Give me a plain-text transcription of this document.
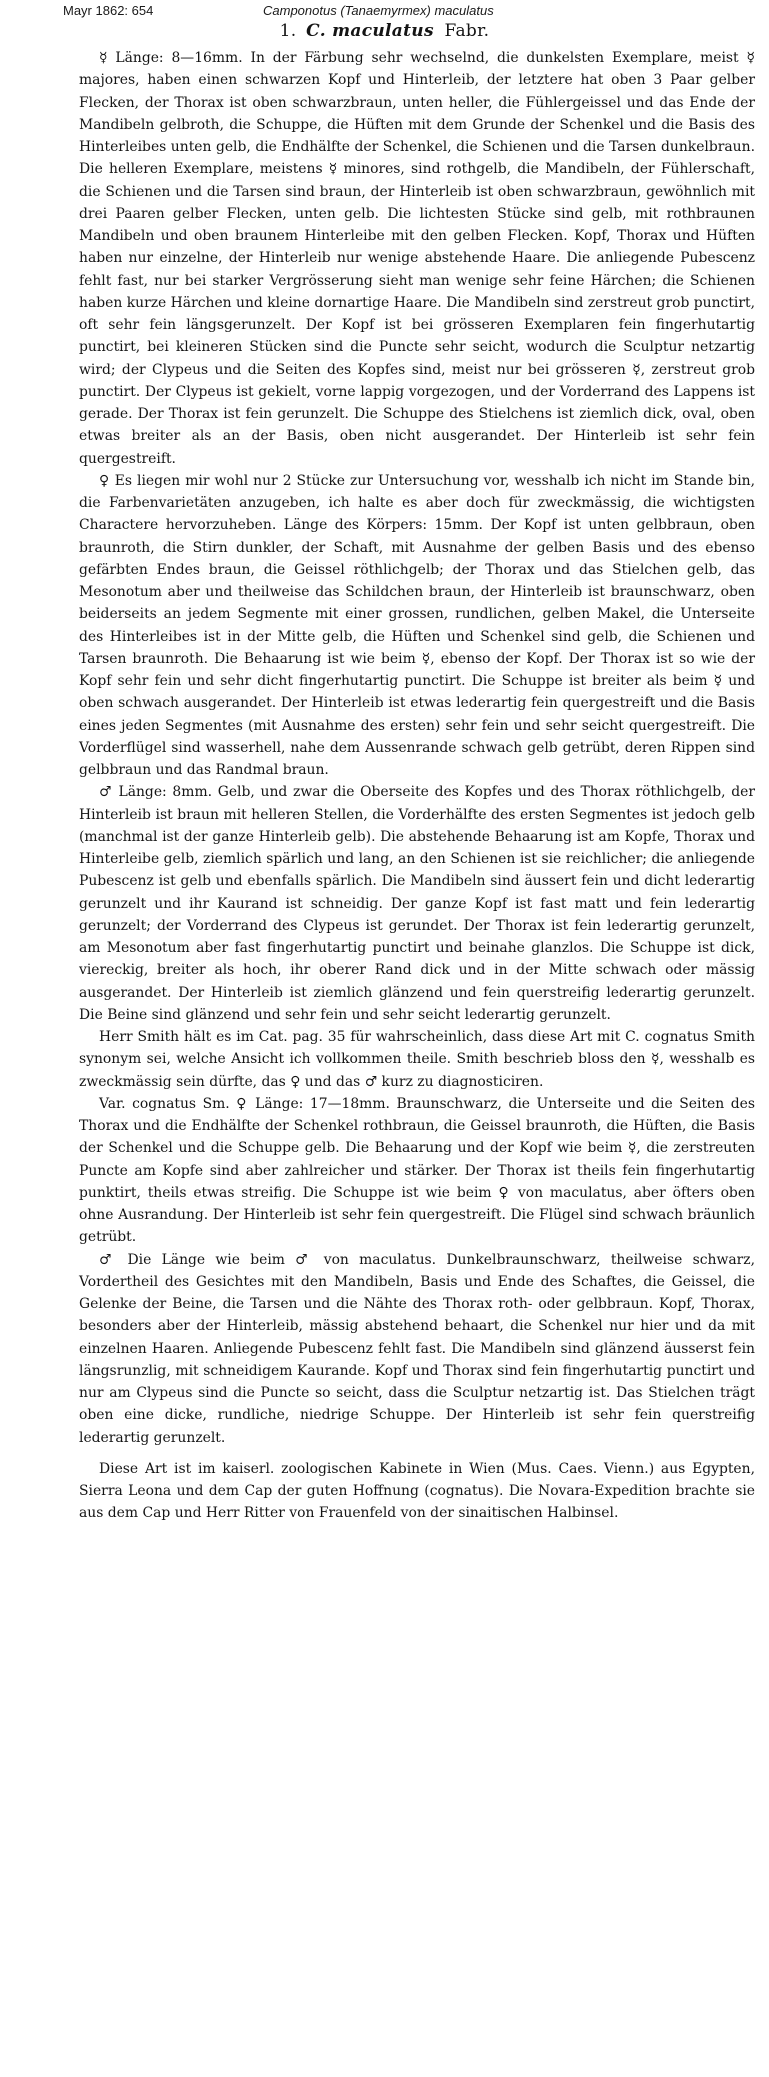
Mayr 1862: 654	Camponotus (Tanaemyrmex) maculatus
1. C. maculatus Fabr.

☿ Länge: 8—16mm. In der Färbung sehr wechselnd, die dunkelsten Exemplare, meist ☿ majores, haben einen schwarzen Kopf und Hinterleib, der letztere hat oben 3 Paar gelber Flecken, der Thorax ist oben schwarzbraun, unten heller, die Fühlergeissel und das Ende der Mandibeln gelbroth, die Schuppe, die Hüften mit dem Grunde der Schenkel und die Basis des Hinterleibes unten gelb, die Endhälfte der Schenkel, die Schienen und die Tarsen dunkelbraun. Die helleren Exemplare, meistens ☿ minores, sind rothgelb, die Mandibeln, der Fühlerschaft, die Schienen und die Tarsen sind braun, der Hinterleib ist oben schwarzbraun, gewöhnlich mit drei Paaren gelber Flecken, unten gelb. Die lichtesten Stücke sind gelb, mit rothbraunen Mandibeln und oben braunem Hinterleibe mit den gelben Flecken. Kopf, Thorax und Hüften haben nur einzelne, der Hinterleib nur wenige abstehende Haare. Die anliegende Pubescenz fehlt fast, nur bei starker Vergrösserung sieht man wenige sehr feine Härchen; die Schienen haben kurze Härchen und kleine dornartige Haare. Die Mandibeln sind zerstreut grob punctirt, oft sehr fein längsgerunzelt. Der Kopf ist bei grösseren Exemplaren fein fingerhutartig punctirt, bei kleineren Stücken sind die Puncte sehr seicht, wodurch die Sculptur netzartig wird; der Clypeus und die Seiten des Kopfes sind, meist nur bei grösseren ☿, zerstreut grob punctirt. Der Clypeus ist gekielt, vorne lappig vorgezogen, und der Vorderrand des Lappens ist gerade. Der Thorax ist fein gerunzelt. Die Schuppe des Stielchens ist ziemlich dick, oval, oben etwas breiter als an der Basis, oben nicht ausgerandet. Der Hinterleib ist sehr fein quergestreift.

♀ Es liegen mir wohl nur 2 Stücke zur Untersuchung vor, wesshalb ich nicht im Stande bin, die Farbenvarietäten anzugeben, ich halte es aber doch für zweckmässig, die wichtigsten Charactere hervorzuheben. Länge des Körpers: 15mm. Der Kopf ist unten gelbbraun, oben braunroth, die Stirn dunkler, der Schaft, mit Ausnahme der gelben Basis und des ebenso gefärbten Endes braun, die Geissel röthlichgelb; der Thorax und das Stielchen gelb, das Mesonotum aber und theilweise das Schildchen braun, der Hinterleib ist braunschwarz, oben beiderseits an jedem Segmente mit einer grossen, rundlichen, gelben Makel, die Unterseite des Hinterleibes ist in der Mitte gelb, die Hüften und Schenkel sind gelb, die Schienen und Tarsen braunroth. Die Behaarung ist wie beim ☿, ebenso der Kopf. Der Thorax ist so wie der Kopf sehr fein und sehr dicht fingerhutartig punctirt. Die Schuppe ist breiter als beim ☿ und oben schwach ausgerandet. Der Hinterleib ist etwas lederartig fein quergestreift und die Basis eines jeden Segmentes (mit Ausnahme des ersten) sehr fein und sehr seicht quergestreift. Die Vorderflügel sind wasserhell, nahe dem Aussenrande schwach gelb getrübt, deren Rippen sind gelbbraun und das Randmal braun.

♂ Länge: 8mm. Gelb, und zwar die Oberseite des Kopfes und des Thorax röthlichgelb, der Hinterleib ist braun mit helleren Stellen, die Vorderhälfte des ersten Segmentes ist jedoch gelb (manchmal ist der ganze Hinterleib gelb). Die abstehende Behaarung ist am Kopfe, Thorax und Hinterleibe gelb, ziemlich spärlich und lang, an den Schienen ist sie reichlicher; die anliegende Pubescenz ist gelb und ebenfalls spärlich. Die Mandibeln sind äussert fein und dicht lederartig gerunzelt und ihr Kaurand ist schneidig. Der ganze Kopf ist fast matt und fein lederartig gerunzelt; der Vorderrand des Clypeus ist gerundet. Der Thorax ist fein lederartig gerunzelt, am Mesonotum aber fast fingerhutartig punctirt und beinahe glanzlos. Die Schuppe ist dick, viereckig, breiter als hoch, ihr oberer Rand dick und in der Mitte schwach oder mässig ausgerandet. Der Hinterleib ist ziemlich glänzend und fein querstreifig lederartig gerunzelt. Die Beine sind glänzend und sehr fein und sehr seicht lederartig gerunzelt.

Herr Smith hält es im Cat. pag. 35 für wahrscheinlich, dass diese Art mit C. cognatus Smith synonym sei, welche Ansicht ich vollkommen theile. Smith beschrieb bloss den ☿, wesshalb es zweckmässig sein dürfte, das ♀ und das ♂ kurz zu diagnosticiren.

Var. cognatus Sm. ♀ Länge: 17—18mm. Braunschwarz, die Unterseite und die Seiten des Thorax und die Endhälfte der Schenkel rothbraun, die Geissel braunroth, die Hüften, die Basis der Schenkel und die Schuppe gelb. Die Behaarung und der Kopf wie beim ☿, die zerstreuten Puncte am Kopfe sind aber zahlreicher und stärker. Der Thorax ist theils fein fingerhutartig punktirt, theils etwas streifig. Die Schuppe ist wie beim ♀ von maculatus, aber öfters oben ohne Ausrandung. Der Hinterleib ist sehr fein quergestreift. Die Flügel sind schwach bräunlich getrübt.

♂ Die Länge wie beim ♂ von maculatus. Dunkelbraunschwarz, theilweise schwarz, Vordertheil des Gesichtes mit den Mandibeln, Basis und Ende des Schaftes, die Geissel, die Gelenke der Beine, die Tarsen und die Nähte des Thorax roth- oder gelbbraun. Kopf, Thorax, besonders aber der Hinterleib, mässig abstehend behaart, die Schenkel nur hier und da mit einzelnen Haaren. Anliegende Pubescenz fehlt fast. Die Mandibeln sind glänzend äusserst fein längsrunzlig, mit schneidigem Kaurande. Kopf und Thorax sind fein fingerhutartig punctirt und nur am Clypeus sind die Puncte so seicht, dass die Sculptur netzartig ist. Das Stielchen trägt oben eine dicke, rundliche, niedrige Schuppe. Der Hinterleib ist sehr fein querstreifig lederartig gerunzelt.

Diese Art ist im kaiserl. zoologischen Kabinete in Wien (Mus. Caes. Vienn.) aus Egypten, Sierra Leona und dem Cap der guten Hoffnung (cognatus). Die Novara-Expedition brachte sie aus dem Cap und Herr Ritter von Frauenfeld von der sinaitischen Halbinsel.
